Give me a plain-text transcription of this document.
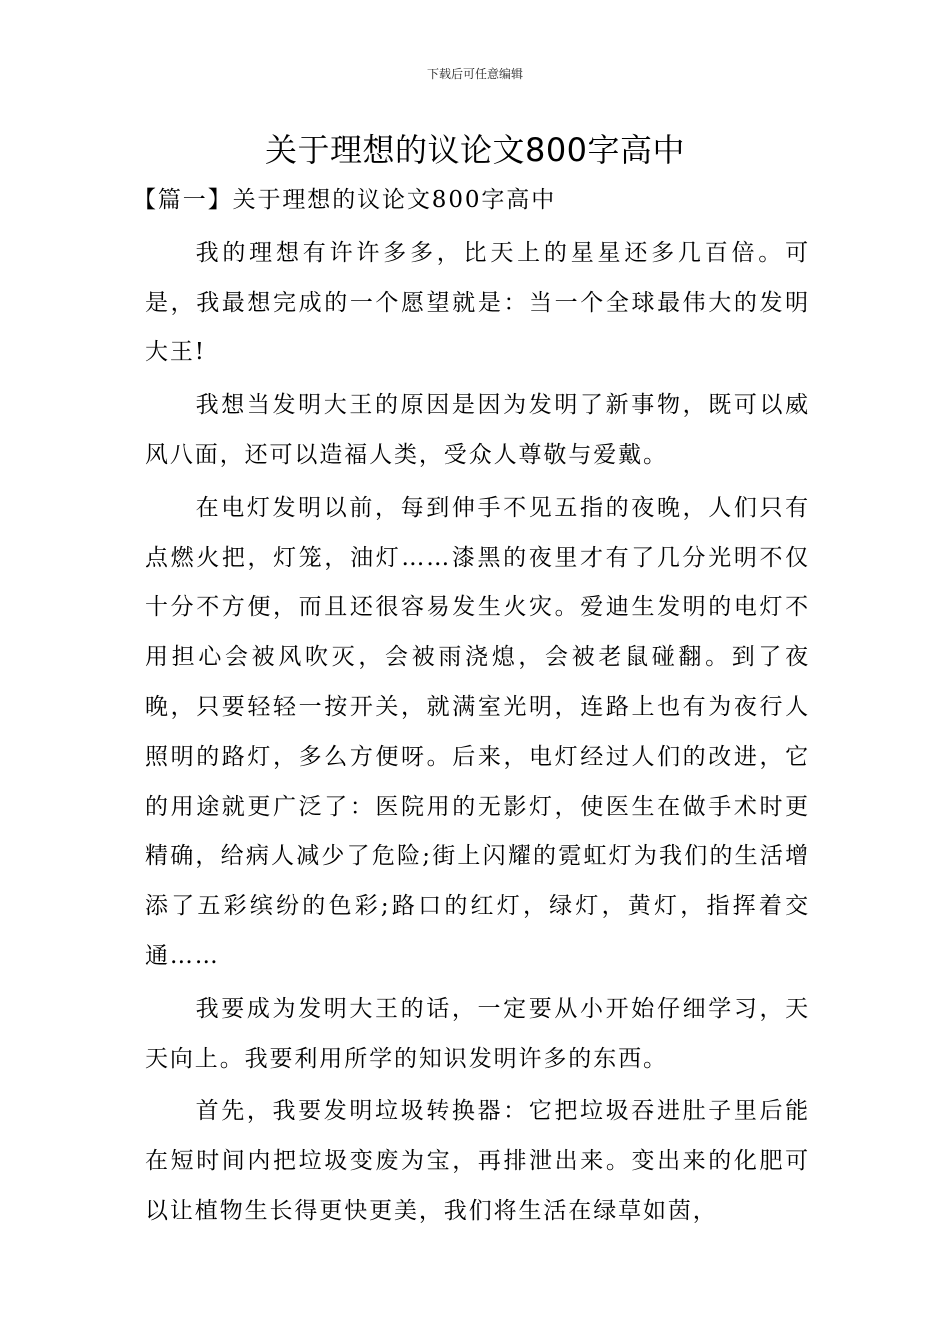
下载后可任意编辑
关于理想的议论文800字高中
【篇一】关于理想的议论文800字高中

我的理想有许许多多，比天上的星星还多几百倍。可是，我最想完成的一个愿望就是：当一个全球最伟大的发明大王!

我想当发明大王的原因是因为发明了新事物，既可以威风八面，还可以造福人类，受众人尊敬与爱戴。

在电灯发明以前，每到伸手不见五指的夜晚，人们只有点燃火把，灯笼，油灯……漆黑的夜里才有了几分光明不仅十分不方便，而且还很容易发生火灾。爱迪生发明的电灯不用担心会被风吹灭，会被雨浇熄，会被老鼠碰翻。到了夜晚，只要轻轻一按开关，就满室光明，连路上也有为夜行人照明的路灯，多么方便呀。后来，电灯经过人们的改进，它的用途就更广泛了：医院用的无影灯，使医生在做手术时更精确，给病人减少了危险;街上闪耀的霓虹灯为我们的生活增添了五彩缤纷的色彩;路口的红灯，绿灯，黄灯，指挥着交通……

我要成为发明大王的话，一定要从小开始仔细学习，天天向上。我要利用所学的知识发明许多的东西。

首先，我要发明垃圾转换器：它把垃圾吞进肚子里后能在短时间内把垃圾变废为宝，再排泄出来。变出来的化肥可以让植物生长得更快更美，我们将生活在绿草如茵，
